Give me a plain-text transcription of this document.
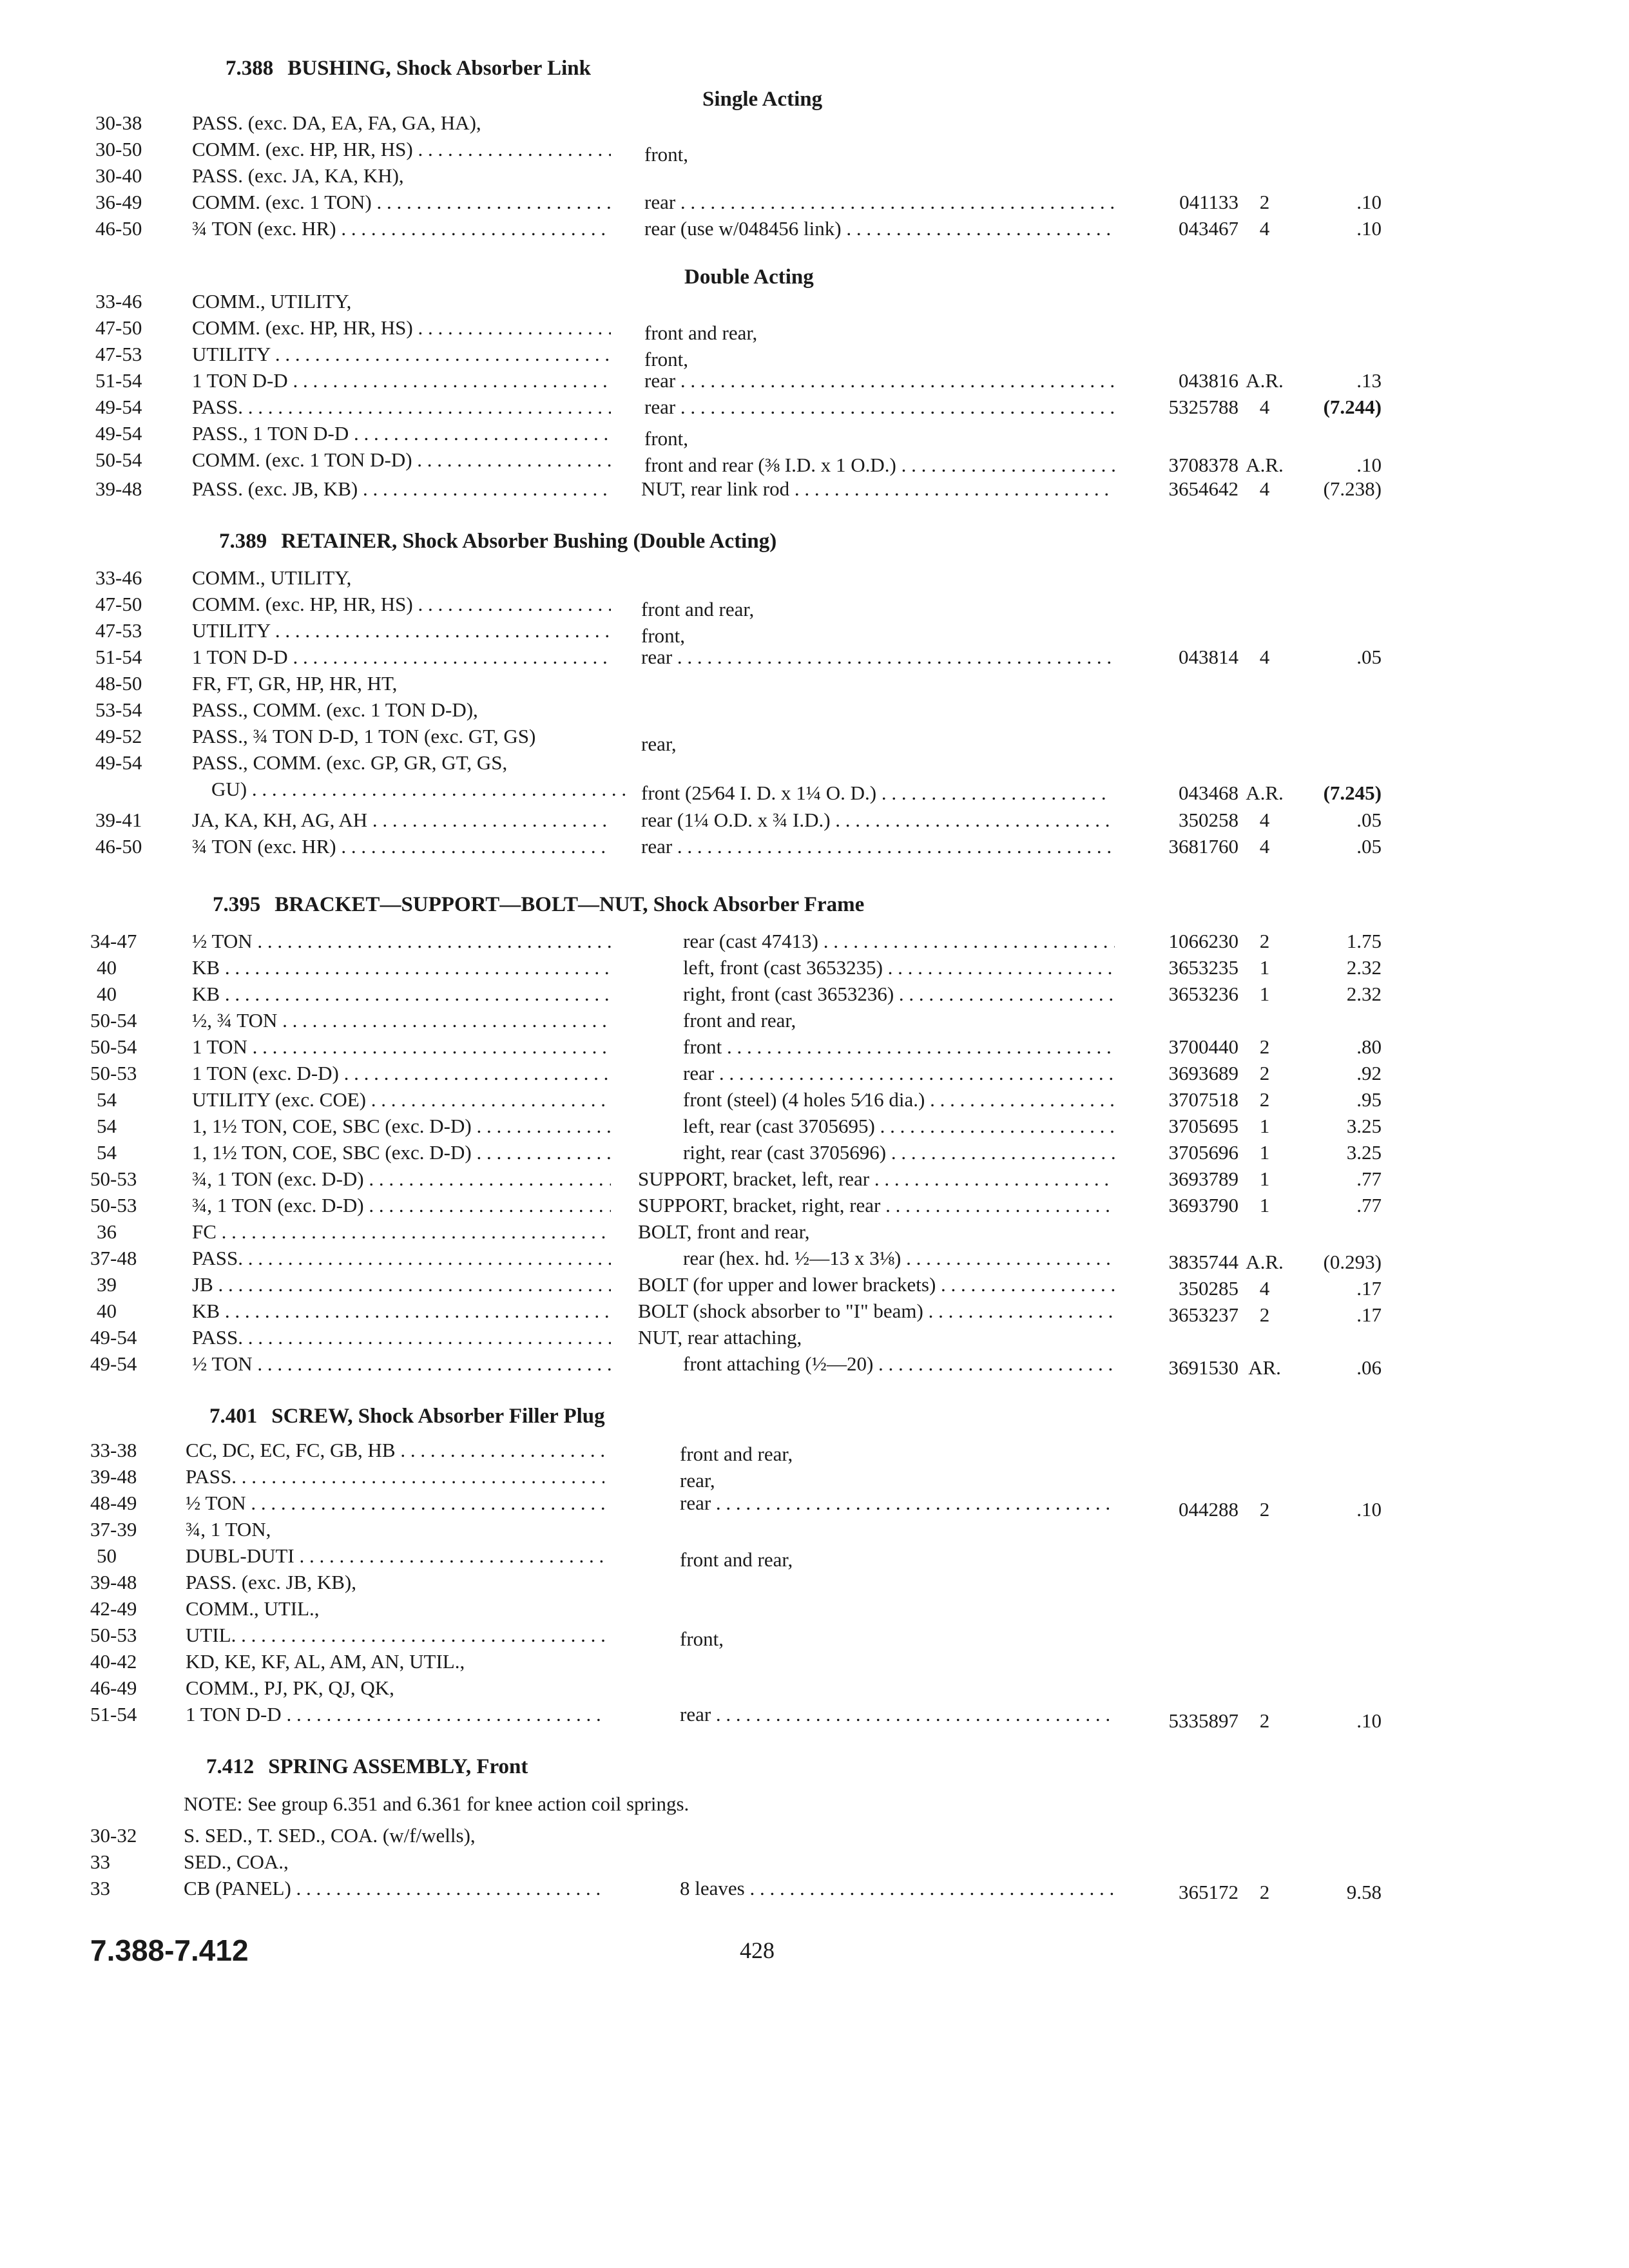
7.388 BUSHING, Shock Absorber Link
Single Acting
30-38	PASS. (exc. DA, EA, FA, GA, HA),
30-50	COMM. (exc. HP, HR, HS) . . .	front,
30-40	PASS. (exc. JA, KA, KH),
36-49	COMM. (exc. 1 TON) . . .	rear . . .	041133	2	.10
46-50	¾ TON (exc. HR) . . .	rear (use w/048456 link) . . .	043467	4	.10
Double Acting
33-46	COMM., UTILITY,
47-50	COMM. (exc. HP, HR, HS) . . .	front and rear,
47-53	UTILITY . . .	front,
51-54	1 TON D-D . . .	rear . . .	043816 A.R.	.13
49-54	PASS. . . .	rear . . .	5325788	4	(7.244)
49-54	PASS., 1 TON D-D . . .	front,
50-54	COMM. (exc. 1 TON D-D) . . .	front and rear (⅜ I.D. x 1 O.D.) . . .	3708378 A.R.	.10
39-48	PASS. (exc. JB, KB) . . .	NUT, rear link rod . . .	3654642	4	(7.238)
7.389 RETAINER, Shock Absorber Bushing (Double Acting)
33-46	COMM., UTILITY,
47-50	COMM. (exc. HP, HR, HS) . . .	front and rear,
47-53	UTILITY . . .	front,
51-54	1 TON D-D . . .	rear . . .	043814	4	.05
48-50	FR, FT, GR, HP, HR, HT,
53-54	PASS., COMM. (exc. 1 TON D-D),
49-52	PASS., ¾ TON D-D, 1 TON (exc. GT, GS)	rear,
49-54	PASS., COMM. (exc. GP, GR, GT, GS,
GU) . . .	front (25⁄64 I. D. x 1¼ O. D.) . . .	043468 A.R.	(7.245)
39-41	JA, KA, KH, AG, AH . . .	rear (1¼ O.D. x ¾ I.D.) . . .	350258	4	.05
46-50	¾ TON (exc. HR) . . .	rear . . .	3681760	4	.05
7.395 BRACKET—SUPPORT—BOLT—NUT, Shock Absorber Frame
34-47	½ TON . . .	rear (cast 47413) . . .	1066230	2	1.75
40	KB . . .	left, front (cast 3653235) . . .	3653235	1	2.32
40	KB . . .	right, front (cast 3653236) . . .	3653236	1	2.32
50-54	½, ¾ TON . . .	front and rear,
50-54	1 TON . . .	front . . .	3700440	2	.80
50-53	1 TON (exc. D-D) . . .	rear . . .	3693689	2	.92
54	UTILITY (exc. COE) . . .	front (steel) (4 holes 5⁄16 dia.) . . .	3707518	2	.95
54	1, 1½ TON, COE, SBC (exc. D-D) . . .	left, rear (cast 3705695) . . .	3705695	1	3.25
54	1, 1½ TON, COE, SBC (exc. D-D) . . .	right, rear (cast 3705696) . . .	3705696	1	3.25
50-53	¾, 1 TON (exc. D-D) . . .	SUPPORT, bracket, left, rear . . .	3693789	1	.77
50-53	¾, 1 TON (exc. D-D) . . .	SUPPORT, bracket, right, rear . . .	3693790	1	.77
36	FC . . .	BOLT, front and rear,
37-48	PASS. . . .	rear (hex. hd. ½—13 x 3⅛) . . .	3835744 A.R.	(0.293)
39	JB . . .	BOLT (for upper and lower brackets) . . .	350285	4	.17
40	KB . . .	BOLT (shock absorber to "I" beam) . . .	3653237	2	.17
49-54	PASS. . . .	NUT, rear attaching,
49-54	½ TON . . .	front attaching (½—20) . . .	3691530 AR.	.06
7.401 SCREW, Shock Absorber Filler Plug
33-38 CC, DC, EC, FC, GB, HB . . .	front and rear,
39-48 PASS. . . .	rear,
48-49 ½ TON . . .	rear . . .	044288	2	.10
37-39 ¾, 1 TON,
50	DUBL-DUTI . . .	front and rear,
39-48 PASS. (exc. JB, KB),
42-49 COMM., UTIL.,
50-53 UTIL. . . .	front,
40-42 KD, KE, KF, AL, AM, AN, UTIL.,
46-49 COMM., PJ, PK, QJ, QK,
51-54 1 TON D-D . . .	rear . . .	5335897	2	.10
7.412 SPRING ASSEMBLY, Front
NOTE: See group 6.351 and 6.361 for knee action coil springs.
30-32 S. SED., T. SED., COA. (w/f/wells),
33	SED., COA.,
33	CB (PANEL) . . .	8 leaves . . .	365172	2	9.58
7.388-7.412	428
